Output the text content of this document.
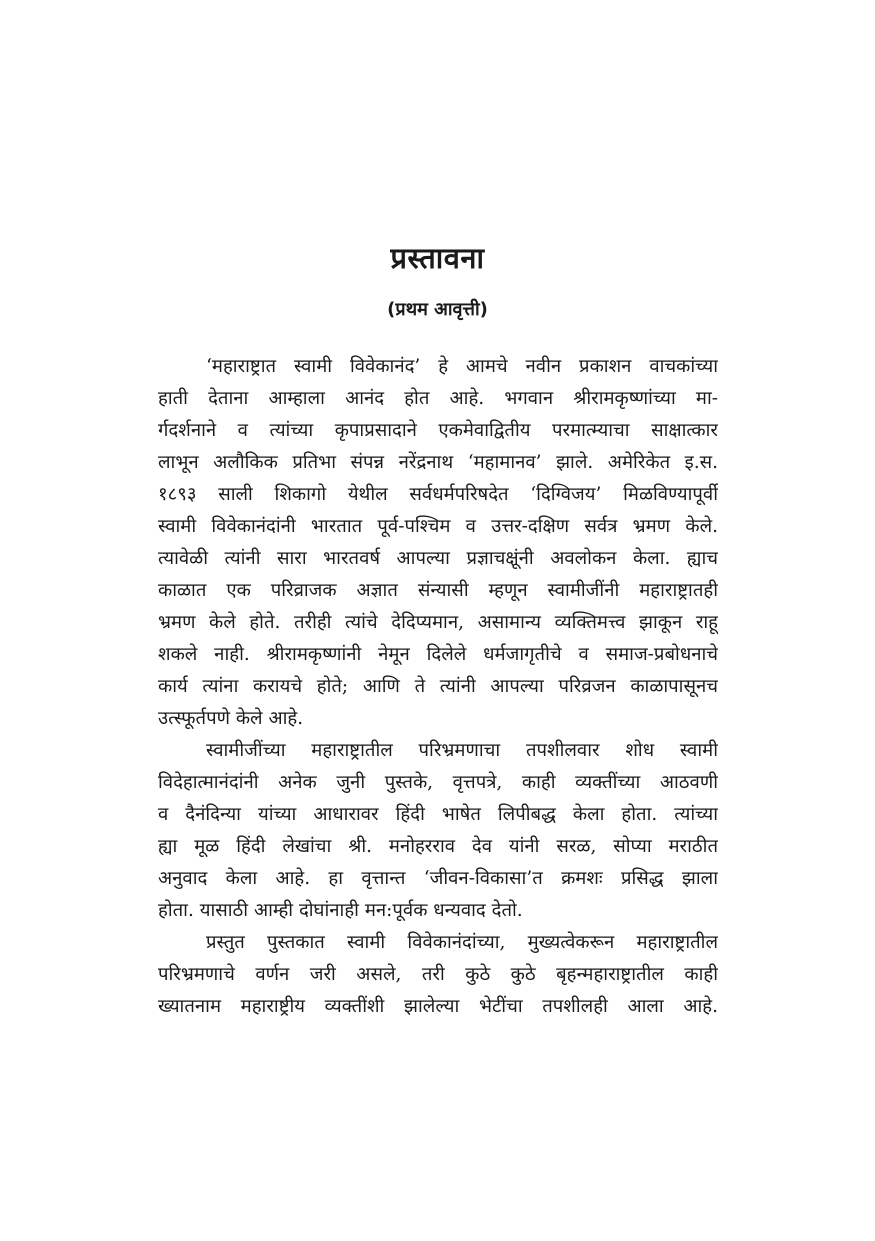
प्रस्तावना
(प्रथम आवृत्ती)
‘महाराष्ट्रात स्वामी विवेकानंद’ हे आमचे नवीन प्रकाशन वाचकांच्या
हाती देताना आम्हाला आनंद होत आहे. भगवान श्रीरामकृष्णांच्या मा-
र्गदर्शनाने व त्यांच्या कृपाप्रसादाने एकमेवाद्वितीय परमात्म्याचा साक्षात्कार
लाभून अलौकिक प्रतिभा संपन्न नरेंद्रनाथ ‘महामानव’ झाले. अमेरिकेत इ.स.
१८९३ साली शिकागो येथील सर्वधर्मपरिषदेत ‘दिग्विजय’ मिळविण्यापूर्वी
स्वामी विवेकानंदांनी भारतात पूर्व-पश्चिम व उत्तर-दक्षिण सर्वत्र भ्रमण केले.
त्यावेळी त्यांनी सारा भारतवर्ष आपल्या प्रज्ञाचक्षूंनी अवलोकन केला. ह्याच
काळात एक परिव्राजक अज्ञात संन्यासी म्हणून स्वामीजींनी महाराष्ट्रातही
भ्रमण केले होते. तरीही त्यांचे देदिप्यमान, असामान्य व्यक्तिमत्त्व झाकून राहू
शकले नाही. श्रीरामकृष्णांनी नेमून दिलेले धर्मजागृतीचे व समाज-प्रबोधनाचे
कार्य त्यांना करायचे होते; आणि ते त्यांनी आपल्या परिव्रजन काळापासूनच
उत्स्फूर्तपणे केले आहे.
स्वामीजींच्या महाराष्ट्रातील परिभ्रमणाचा तपशीलवार शोध स्वामी
विदेहात्मानंदांनी अनेक जुनी पुस्तके, वृत्तपत्रे, काही व्यक्तींच्या आठवणी
व दैनंदिन्या यांच्या आधारावर हिंदी भाषेत लिपीबद्ध केला होता. त्यांच्या
ह्या मूळ हिंदी लेखांचा श्री. मनोहरराव देव यांनी सरळ, सोप्या मराठीत
अनुवाद केला आहे. हा वृत्तान्त ‘जीवन-विकासा’त क्रमशः प्रसिद्ध झाला
होता. यासाठी आम्ही दोघांनाही मन:पूर्वक धन्यवाद देतो.
प्रस्तुत पुस्तकात स्वामी विवेकानंदांच्या, मुख्यत्वेकरून महाराष्ट्रातील
परिभ्रमणाचे वर्णन जरी असले, तरी कुठे कुठे बृहन्महाराष्ट्रातील काही
ख्यातनाम महाराष्ट्रीय व्यक्तींशी झालेल्या भेटींचा तपशीलही आला आहे.
